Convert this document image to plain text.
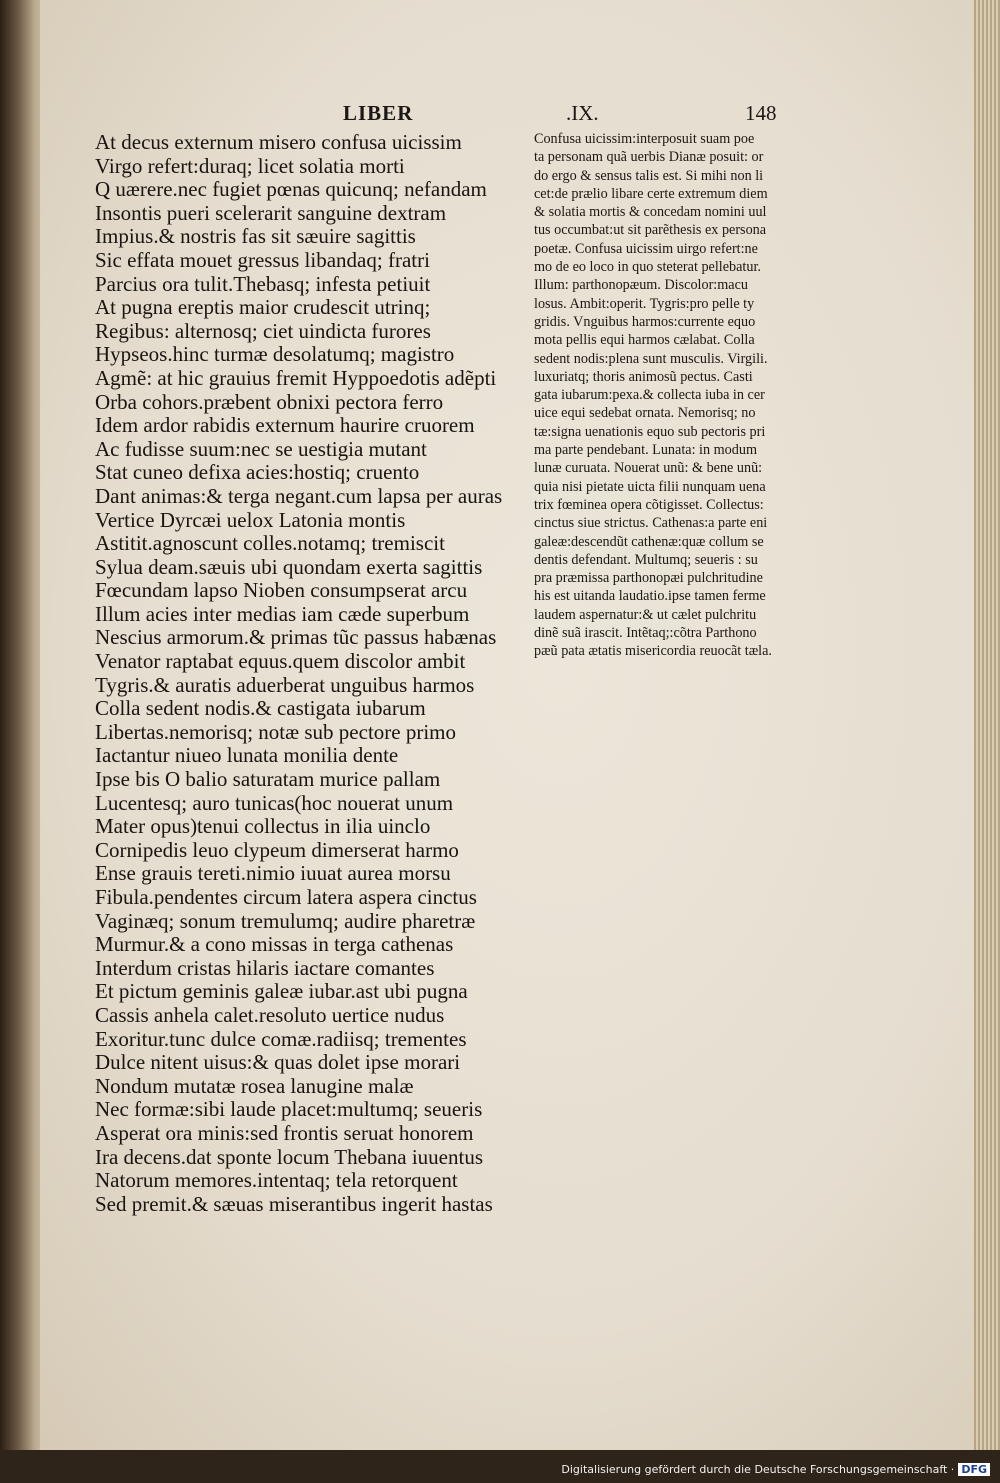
LIBER	.IX.	148
At decus externum misero confusa uicissim
Virgo refert:duraq; licet solatia morti
Q uærere.nec fugiet pœnas quicunq; nefandam
Insontis pueri scelerarit sanguine dextram
Impius.& nostris fas sit sæuire sagittis
Sic effata mouet gressus libandaq; fratri
Parcius ora tulit.Thebasq; infesta petiuit
At pugna ereptis maior crudescit utrinq;
Regibus: alternosq; ciet uindicta furores
Hypseos.hinc turmæ desolatumq; magistro
Agmẽ: at hic grauius fremit Hyppoedotis adẽpti
Orba cohors.præbent obnixi pectora ferro
Idem ardor rabidis externum haurire cruorem
Ac fudisse suum:nec se uestigia mutant
Stat cuneo defixa acies:hostiq; cruento
Dant animas:& terga negant.cum lapsa per auras
Vertice Dyrcæi uelox Latonia montis
Astitit.agnoscunt colles.notamq; tremiscit
Sylua deam.sæuis ubi quondam exerta sagittis
Fœcundam lapso Nioben consumpserat arcu
Illum acies inter medias iam cæde superbum
Nescius armorum.& primas tũc passus habænas
Venator raptabat equus.quem discolor ambit
Tygris.& auratis aduerberat unguibus harmos
Colla sedent nodis.& castigata iubarum
Libertas.nemorisq; notæ sub pectore primo
Iactantur niueo lunata monilia dente
Ipse bis O balio saturatam murice pallam
Lucentesq; auro tunicas(hoc nouerat unum
Mater opus)tenui collectus in ilia uinclo
Cornipedis leuo clypeum dimerserat harmo
Ense grauis tereti.nimio iuuat aurea morsu
Fibula.pendentes circum latera aspera cinctus
Vaginæq; sonum tremulumq; audire pharetræ
Murmur.& a cono missas in terga cathenas
Interdum cristas hilaris iactare comantes
Et pictum geminis galeæ iubar.ast ubi pugna
Cassis anhela calet.resoluto uertice nudus
Exoritur.tunc dulce comæ.radiisq; trementes
Dulce nitent uisus:& quas dolet ipse morari
Nondum mutatæ rosea lanugine malæ
Nec formæ:sibi laude placet:multumq; seueris
Asperat ora minis:sed frontis seruat honorem
Ira decens.dat sponte locum Thebana iuuentus
Natorum memores.intentaq; tela retorquent
Sed premit.& sæuas miserantibus ingerit hastas
Confusa uicissim:interposuit suam poe
ta personam quã uerbis Dianæ posuit: or
do ergo & sensus talis est. Si mihi non li
cet:de prælio libare certe extremum diem
& solatia mortis & concedam nomini uul
tus occumbat:ut sit parẽthesis ex persona
poetæ. Confusa uicissim uirgo refert:ne
mo de eo loco in quo steterat pellebatur.
Illum: parthonopæum. Discolor:macu
losus. Ambit:operit. Tygris:pro pelle ty
gridis. Vnguibus harmos:currente equo
mota pellis equi harmos cælabat. Colla
sedent nodis:plena sunt musculis. Virgili.
luxuriatq; thoris animosũ pectus. Casti
gata iubarum:pexa.& collecta iuba in cer
uice equi sedebat ornata. Nemorisq; no
tæ:signa uenationis equo sub pectoris pri
ma parte pendebant. Lunata: in modum
lunæ curuata. Nouerat unũ: & bene unũ:
quia nisi pietate uicta filii nunquam uena
trix fœminea opera cõtigisset. Collectus:
cinctus siue strictus. Cathenas:a parte eni
galeæ:descendũt cathenæ:quæ collum se
dentis defendant. Multumq; seueris : su
pra præmissa parthonopæi pulchritudine
his est uitanda laudatio.ipse tamen ferme
laudem aspernatur:& ut cælet pulchritu
dinẽ suã irascit. Intẽtaq;:cõtra Parthono
pæũ pata ætatis misericordia reuocãt tæla.
Digitalisierung gefördert durch die Deutsche Forschungsgemeinschaft · DFG
